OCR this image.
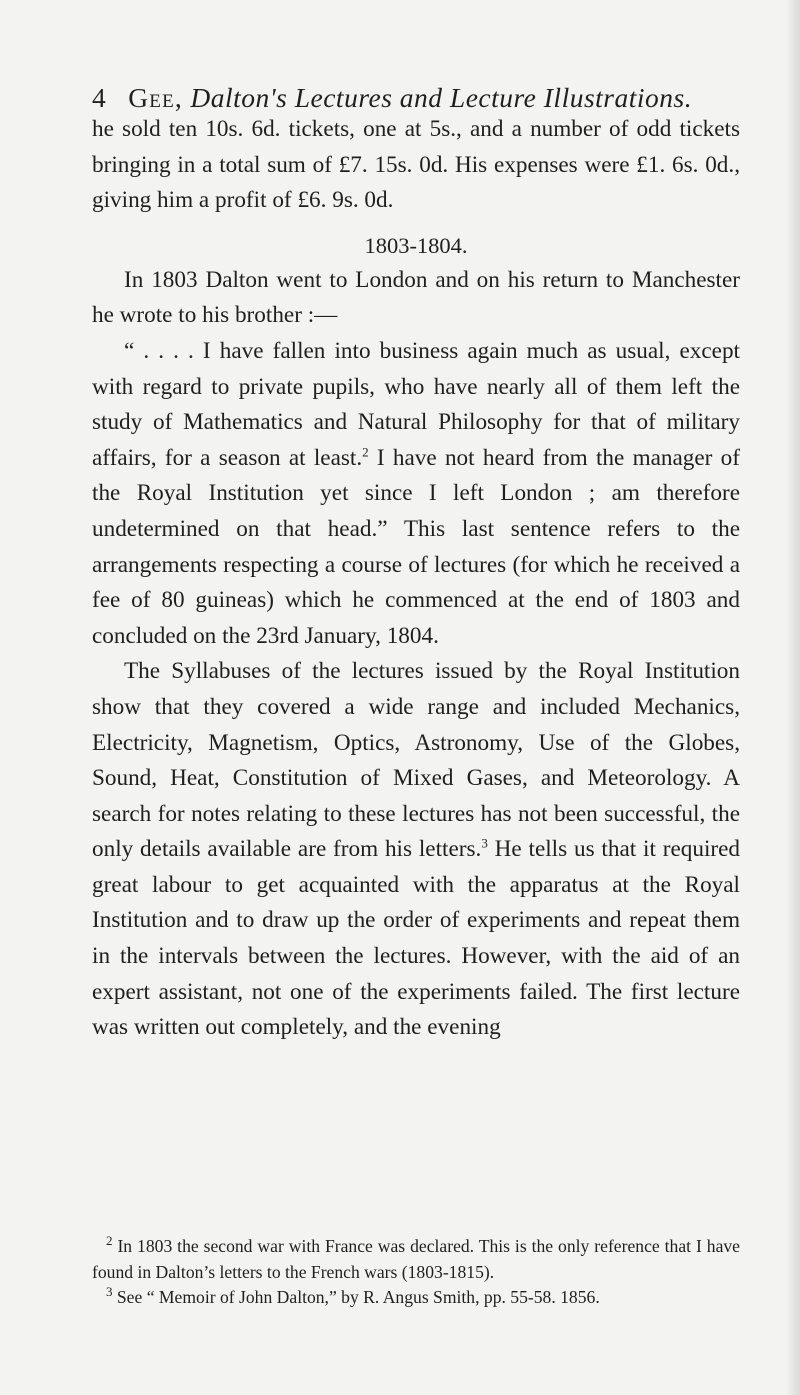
4 Gee, Dalton's Lectures and Lecture Illustrations.

he sold ten 10s. 6d. tickets, one at 5s., and a number of odd tickets bringing in a total sum of £7. 15s. 0d. His expenses were £1. 6s. 0d., giving him a profit of £6. 9s. 0d.

1803-1804.

In 1803 Dalton went to London and on his return to Manchester he wrote to his brother :—

“ . . . . I have fallen into business again much as usual, except with regard to private pupils, who have nearly all of them left the study of Mathematics and Natural Philosophy for that of military affairs, for a season at least.$^2$ I have not heard from the manager of the Royal Institution yet since I left London ; am therefore undetermined on that head.” This last sentence refers to the arrangements respecting a course of lectures (for which he received a fee of 80 guineas) which he commenced at the end of 1803 and concluded on the 23rd January, 1804.

The Syllabuses of the lectures issued by the Royal Institution show that they covered a wide range and included Mechanics, Electricity, Magnetism, Optics, Astronomy, Use of the Globes, Sound, Heat, Constitution of Mixed Gases, and Meteorology. A search for notes relating to these lectures has not been successful, the only details available are from his letters.$^3$ He tells us that it required great labour to get acquainted with the apparatus at the Royal Institution and to draw up the order of experiments and repeat them in the intervals between the lectures. However, with the aid of an expert assistant, not one of the experiments failed. The first lecture was written out completely, and the evening

$^2$ In 1803 the second war with France was declared. This is the only reference that I have found in Dalton’s letters to the French wars (1803-1815).

$^3$ See “ Memoir of John Dalton,” by R. Angus Smith, pp. 55-58. 1856.
